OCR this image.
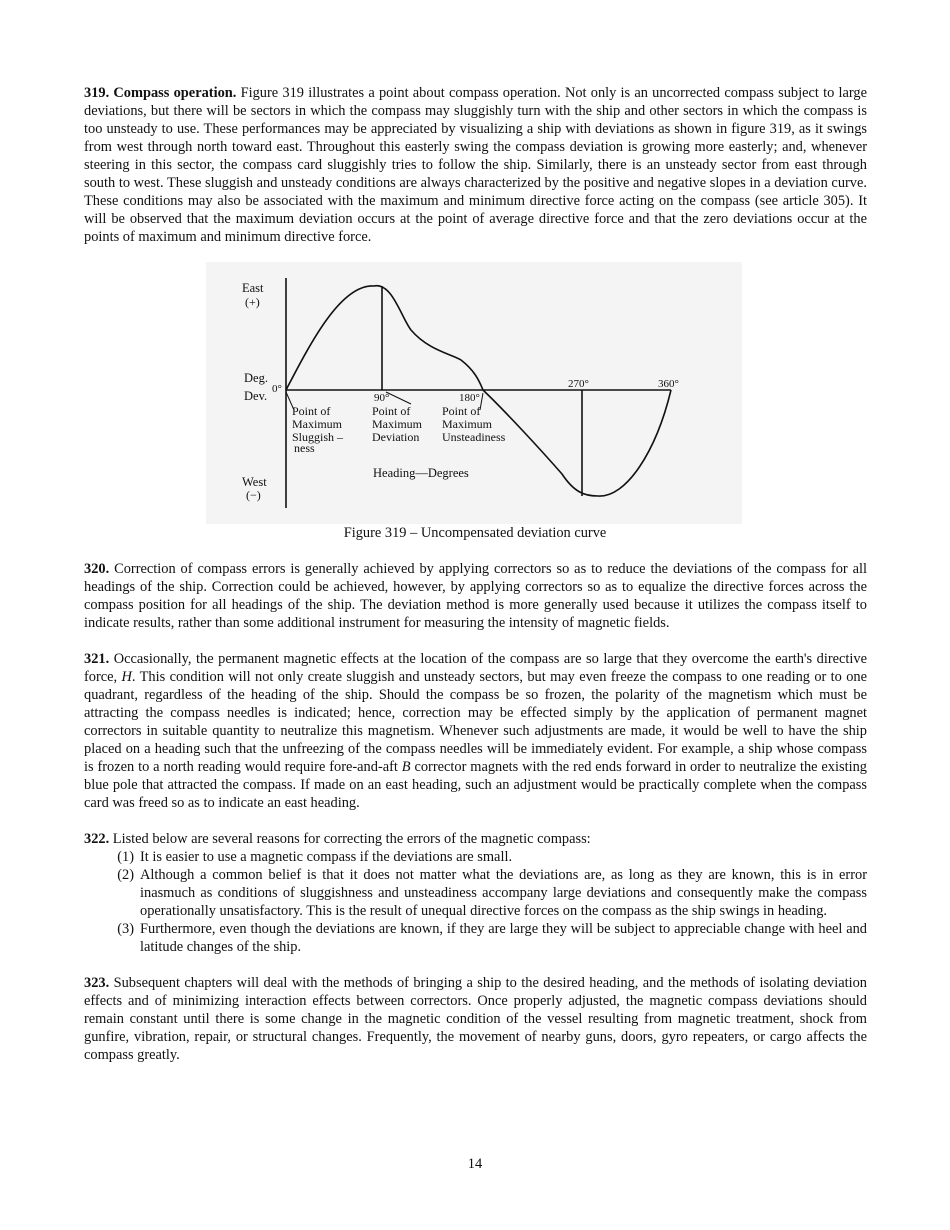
319. Compass operation. Figure 319 illustrates a point about compass operation. Not only is an uncorrected compass subject to large deviations, but there will be sectors in which the compass may sluggishly turn with the ship and other sectors in which the compass is too unsteady to use. These performances may be appreciated by visualizing a ship with deviations as shown in figure 319, as it swings from west through north toward east. Throughout this easterly swing the compass deviation is growing more easterly; and, whenever steering in this sector, the compass card sluggishly tries to follow the ship. Similarly, there is an unsteady sector from east through south to west. These sluggish and unsteady conditions are always characterized by the positive and negative slopes in a deviation curve. These conditions may also be associated with the maximum and minimum directive force acting on the compass (see article 305). It will be observed that the maximum deviation occurs at the point of average directive force and that the zero deviations occur at the points of maximum and minimum directive force.

East
(+)
Deg.
Dev.
West
(−)
0°
90°	180°
270°	360°
Point of
Maximum
Sluggish –
ness
Point of
Maximum
Deviation
Point of
Maximum
Unsteadiness
Heading—Degrees
Figure 319 – Uncompensated deviation curve

320. Correction of compass errors is generally achieved by applying correctors so as to reduce the deviations of the compass for all headings of the ship. Correction could be achieved, however, by applying correctors so as to equalize the directive forces across the compass position for all headings of the ship. The deviation method is more generally used because it utilizes the compass itself to indicate results, rather than some additional instrument for measuring the intensity of magnetic fields.

321. Occasionally, the permanent magnetic effects at the location of the compass are so large that they overcome the earth's directive force, H. This condition will not only create sluggish and unsteady sectors, but may even freeze the compass to one reading or to one quadrant, regardless of the heading of the ship. Should the compass be so frozen, the polarity of the magnetism which must be attracting the compass needles is indicated; hence, correction may be effected simply by the application of permanent magnet correctors in suitable quantity to neutralize this magnetism. Whenever such adjustments are made, it would be well to have the ship placed on a heading such that the unfreezing of the compass needles will be immediately evident. For example, a ship whose compass is frozen to a north reading would require fore-and-aft B corrector magnets with the red ends forward in order to neutralize the existing blue pole that attracted the compass. If made on an east heading, such an adjustment would be practically complete when the compass card was freed so as to indicate an east heading.

322. Listed below are several reasons for correcting the errors of the magnetic compass:

(1) It is easier to use a magnetic compass if the deviations are small.
(2) Although a common belief is that it does not matter what the deviations are, as long as they are known, this is in error inasmuch as conditions of sluggishness and unsteadiness accompany large deviations and consequently make the compass operationally unsatisfactory. This is the result of unequal directive forces on the compass as the ship swings in heading.
(3) Furthermore, even though the deviations are known, if they are large they will be subject to appreciable change with heel and latitude changes of the ship.

323. Subsequent chapters will deal with the methods of bringing a ship to the desired heading, and the methods of isolating deviation effects and of minimizing interaction effects between correctors. Once properly adjusted, the magnetic compass deviations should remain constant until there is some change in the magnetic condition of the vessel resulting from magnetic treatment, shock from gunfire, vibration, repair, or structural changes. Frequently, the movement of nearby guns, doors, gyro repeaters, or cargo affects the compass greatly.

14
